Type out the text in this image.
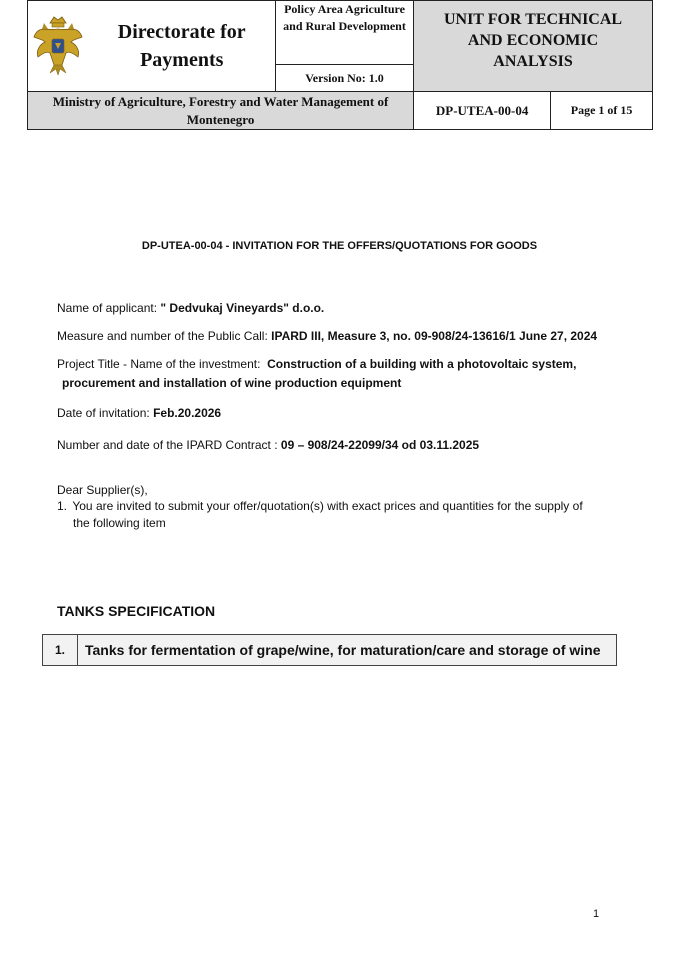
	Directorate for Payments	Policy Area Agriculture and Rural Development	UNIT FOR TECHNICAL AND ECONOMIC ANALYSIS	

		Version No: 1.0		
Ministry of Agriculture, Forestry and Water Management of Montenegro			DP-UTEA-00-04	Page 1 of 15
DP-UTEA-00-04 - INVITATION FOR THE OFFERS/QUOTATIONS FOR GOODS
Name of applicant: " Dedvukaj Vineyards" d.o.o.
Measure and number of the Public Call: IPARD III, Measure 3, no. 09-908/24-13616/1 June 27, 2024
Project Title - Name of the investment:  Construction of a building with a photovoltaic system,
procurement and installation of wine production equipment
Date of invitation: Feb.20.2026
Number and date of the IPARD Contract : 09 – 908/24-22099/34 od 03.11.2025
Dear Supplier(s),
1. You are invited to submit your offer/quotation(s) with exact prices and quantities for the supply of
the following item
TANKS SPECIFICATION
1.	Tanks for fermentation of grape/wine, for maturation/care and storage of wine
1
